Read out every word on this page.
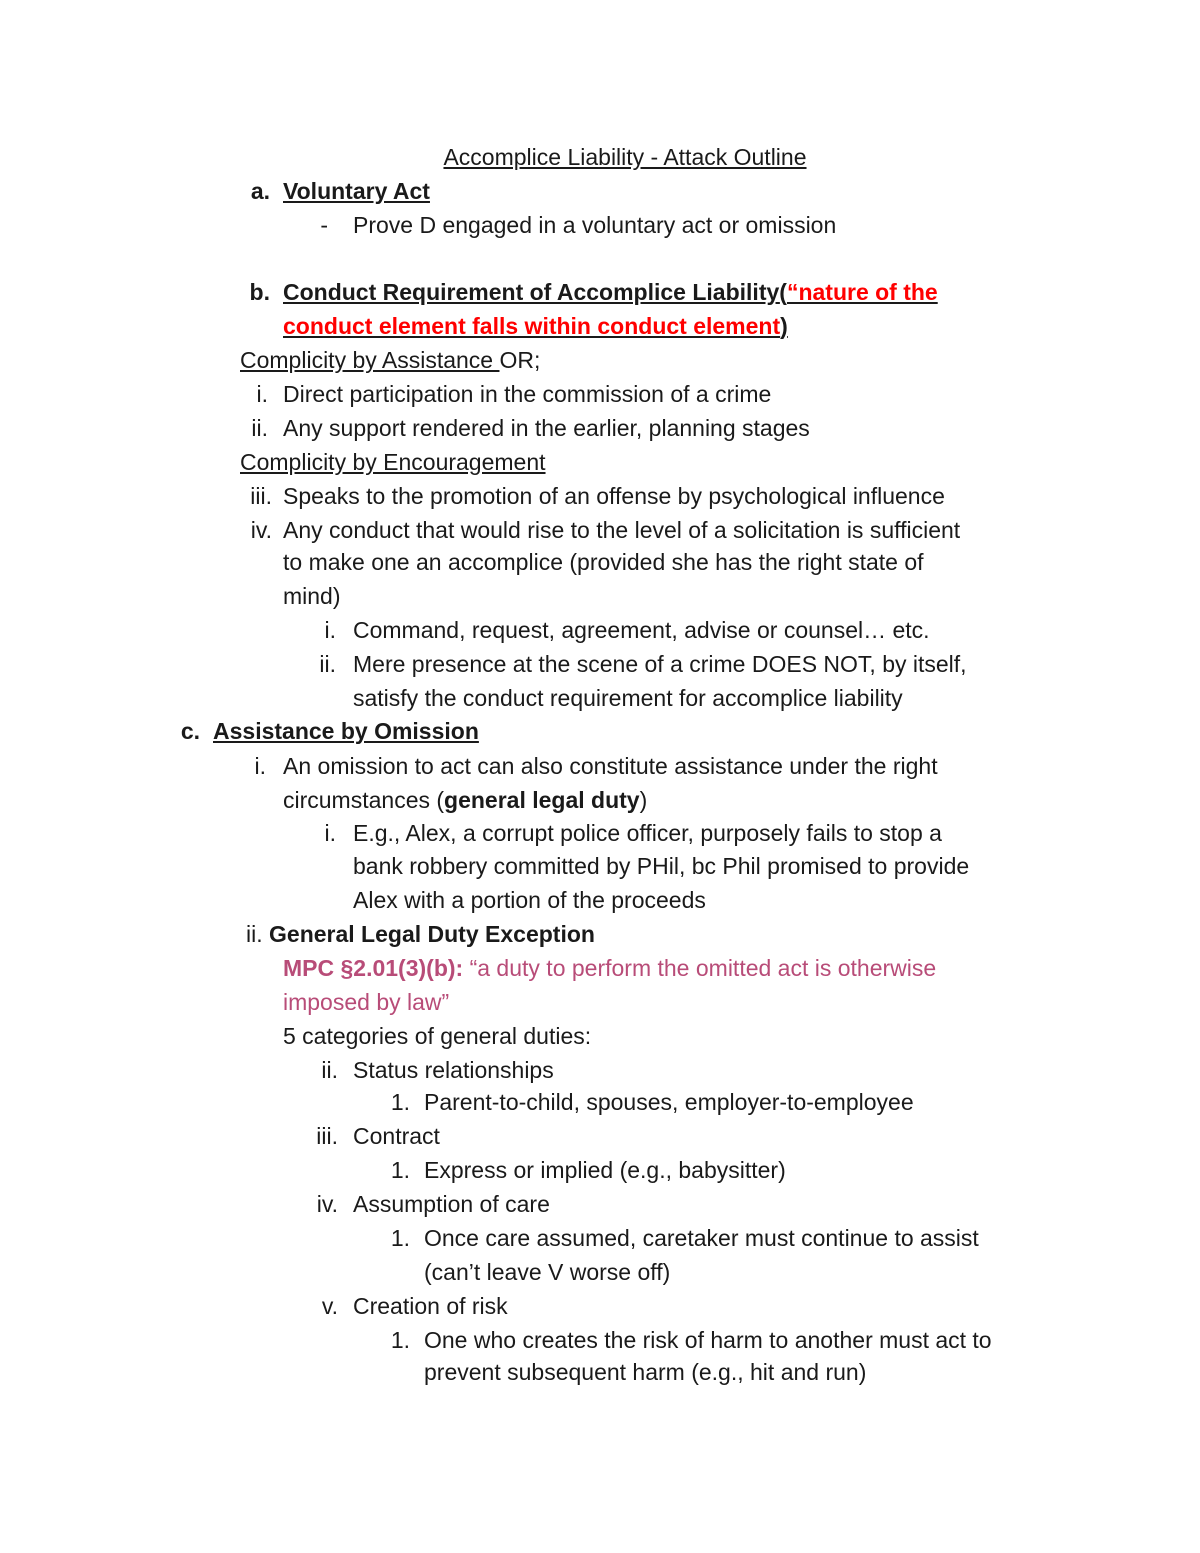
Accomplice Liability - Attack Outline
a. Voluntary Act
- Prove D engaged in a voluntary act or omission
b. Conduct Requirement of Accomplice Liability(“nature of the
conduct element falls within conduct element)
Complicity by Assistance OR;
i. Direct participation in the commission of a crime
ii. Any support rendered in the earlier, planning stages
Complicity by Encouragement
iii. Speaks to the promotion of an offense by psychological influence
iv. Any conduct that would rise to the level of a solicitation is sufficient
to make one an accomplice (provided she has the right state of
mind)
i. Command, request, agreement, advise or counsel… etc.
ii. Mere presence at the scene of a crime DOES NOT, by itself,
satisfy the conduct requirement for accomplice liability
c. Assistance by Omission
i. An omission to act can also constitute assistance under the right
circumstances (general legal duty)
i. E.g., Alex, a corrupt police officer, purposely fails to stop a
bank robbery committed by PHil, bc Phil promised to provide
Alex with a portion of the proceeds
ii. General Legal Duty Exception
MPC §2.01(3)(b): “a duty to perform the omitted act is otherwise
imposed by law”
5 categories of general duties:
ii. Status relationships
1. Parent-to-child, spouses, employer-to-employee
iii. Contract
1. Express or implied (e.g., babysitter)
iv. Assumption of care
1. Once care assumed, caretaker must continue to assist
(can’t leave V worse off)
v. Creation of risk
1. One who creates the risk of harm to another must act to
prevent subsequent harm (e.g., hit and run)
